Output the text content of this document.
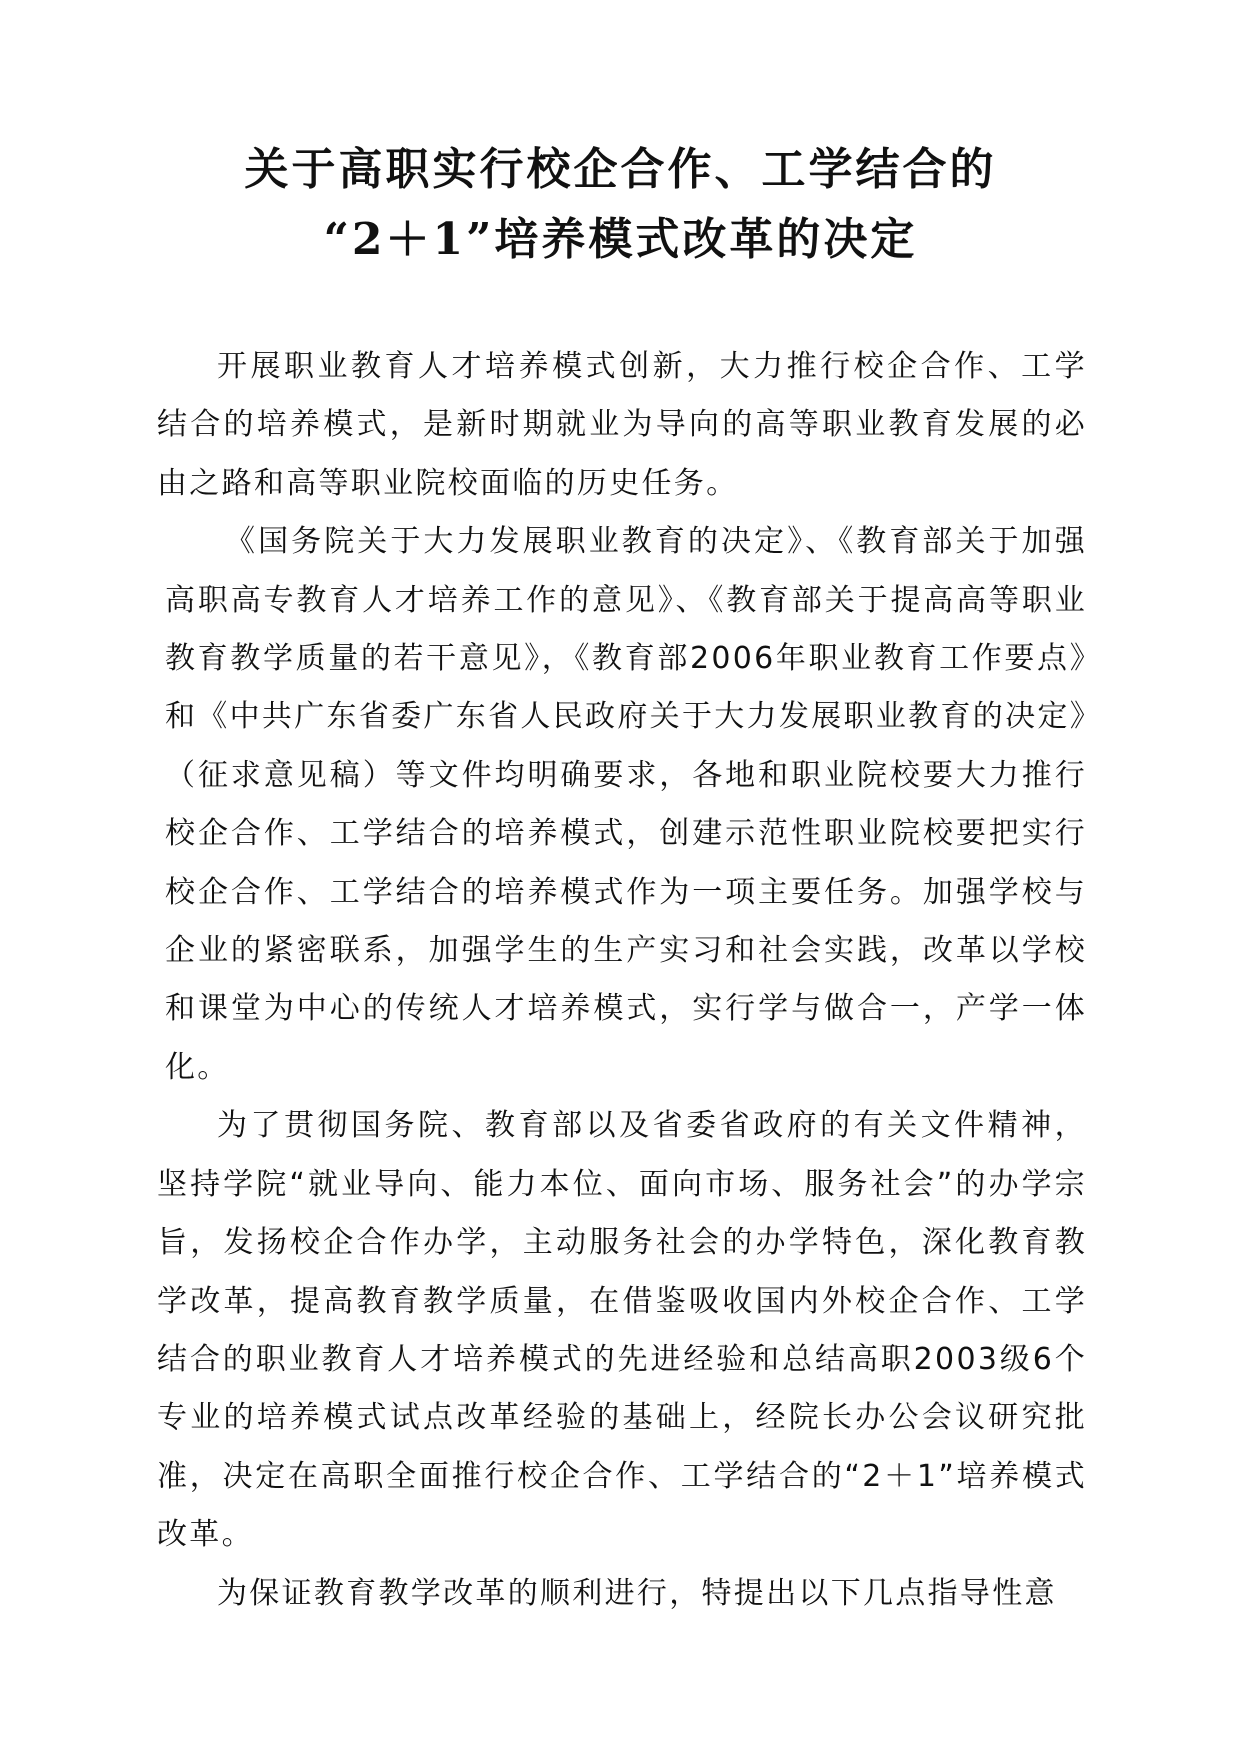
关于高职实行校企合作、工学结合的
“2＋1”培养模式改革的决定

开展职业教育人才培养模式创新，大力推行校企合作、工学结合的培养模式，是新时期就业为导向的高等职业教育发展的必由之路和高等职业院校面临的历史任务。

《国务院关于大力发展职业教育的决定》、《教育部关于加强高职高专教育人才培养工作的意见》、《教育部关于提高高等职业教育教学质量的若干意见》，《教育部2006年职业教育工作要点》和《中共广东省委广东省人民政府关于大力发展职业教育的决定》（征求意见稿）等文件均明确要求，各地和职业院校要大力推行校企合作、工学结合的培养模式，创建示范性职业院校要把实行校企合作、工学结合的培养模式作为一项主要任务。加强学校与企业的紧密联系，加强学生的生产实习和社会实践，改革以学校和课堂为中心的传统人才培养模式，实行学与做合一，产学一体化。

为了贯彻国务院、教育部以及省委省政府的有关文件精神，坚持学院“就业导向、能力本位、面向市场、服务社会”的办学宗旨，发扬校企合作办学，主动服务社会的办学特色，深化教育教学改革，提高教育教学质量，在借鉴吸收国内外校企合作、工学结合的职业教育人才培养模式的先进经验和总结高职2003级6个专业的培养模式试点改革经验的基础上，经院长办公会议研究批准，决定在高职全面推行校企合作、工学结合的“2＋1”培养模式改革。

为保证教育教学改革的顺利进行，特提出以下几点指导性意
